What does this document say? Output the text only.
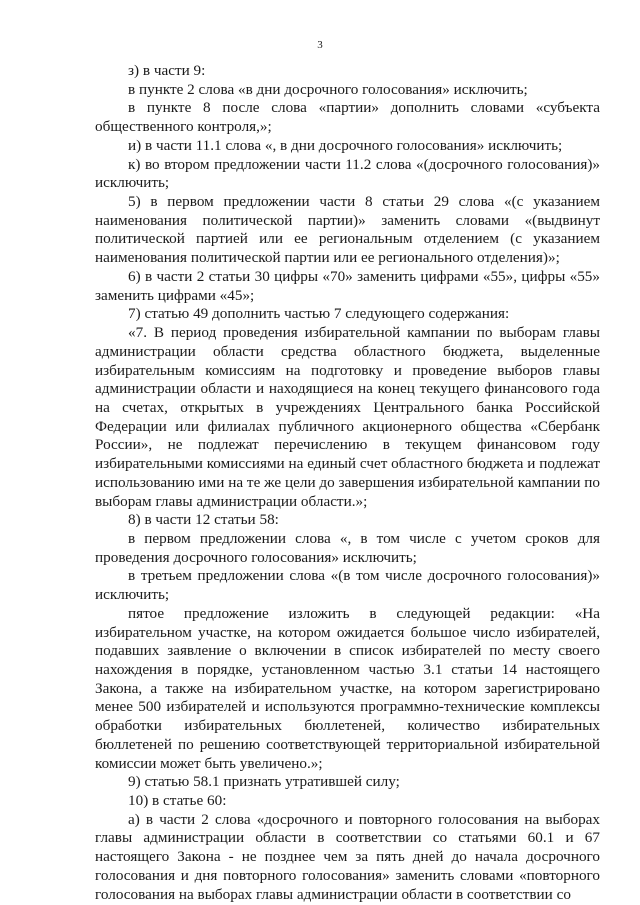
3

з) в части 9:

в пункте 2 слова «в дни досрочного голосования» исключить;

в пункте 8 после слова «партии» дополнить словами «субъекта общественного контроля,»;

и) в части 11.1 слова «, в дни досрочного голосования» исключить;

к) во втором предложении части 11.2 слова «(досрочного голосования)» исключить;

5) в первом предложении части 8 статьи 29 слова «(с указанием наименования политической партии)» заменить словами «(выдвинут политической партией или ее региональным отделением (с указанием наименования политической партии или ее регионального отделения)»;

6) в части 2 статьи 30 цифры «70» заменить цифрами «55», цифры «55» заменить цифрами «45»;

7) статью 49 дополнить частью 7 следующего содержания:

«7. В период проведения избирательной кампании по выборам главы администрации области средства областного бюджета, выделенные избирательным комиссиям на подготовку и проведение выборов главы администрации области и находящиеся на конец текущего финансового года на счетах, открытых в учреждениях Центрального банка Российской Федерации или филиалах публичного акционерного общества «Сбербанк России», не подлежат перечислению в текущем финансовом году избирательными комиссиями на единый счет областного бюджета и подлежат использованию ими на те же цели до завершения избирательной кампании по выборам главы администрации области.»;

8) в части 12 статьи 58:

в первом предложении слова «, в том числе с учетом сроков для проведения досрочного голосования» исключить;

в третьем предложении слова «(в том числе досрочного голосования)» исключить;

пятое предложение изложить в следующей редакции: «На избирательном участке, на котором ожидается большое число избирателей, подавших заявление о включении в список избирателей по месту своего нахождения в порядке, установленном частью 3.1 статьи 14 настоящего Закона, а также на избирательном участке, на котором зарегистрировано менее 500 избирателей и используются программно-технические комплексы обработки избирательных бюллетеней, количество избирательных бюллетеней по решению соответствующей территориальной избирательной комиссии может быть увеличено.»;

9) статью 58.1 признать утратившей силу;

10) в статье 60:

а) в части 2 слова «досрочного и повторного голосования на выборах главы администрации области в соответствии со статьями 60.1 и 67 настоящего Закона - не позднее чем за пять дней до начала досрочного голосования и дня повторного голосования» заменить словами «повторного голосования на выборах главы администрации области в соответствии со
